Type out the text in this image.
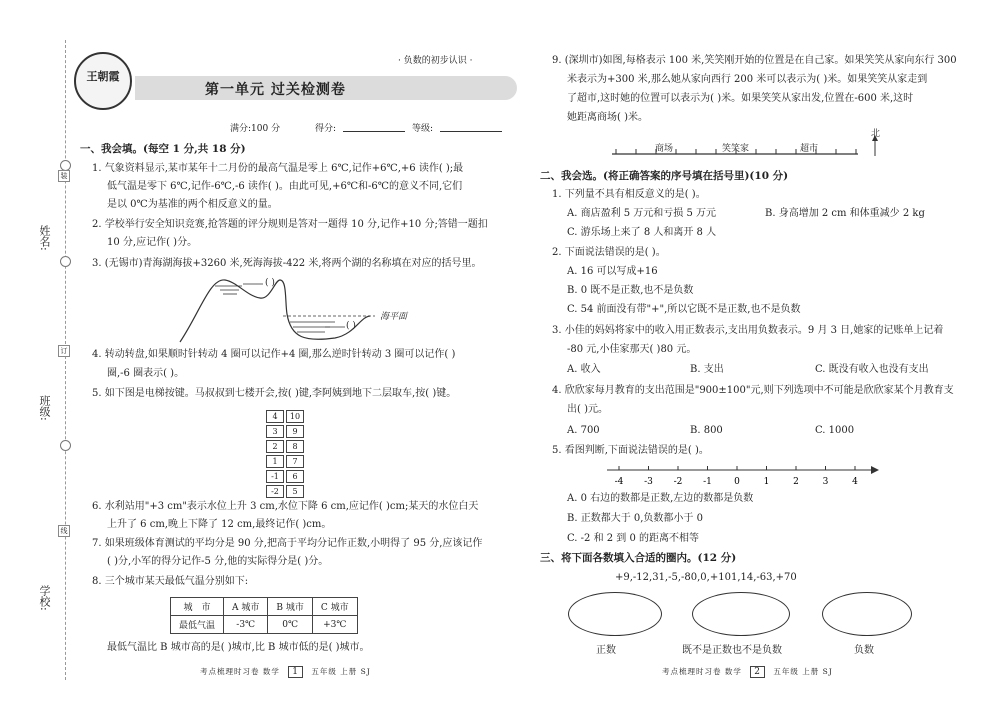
装
订
线
姓名:
班级:
学校:
王朝霞
· 负数的初步认识 ·
第一单元 过关检测卷
满分:100 分	得分:	等级:
一、我会填。(每空 1 分,共 18 分)
1. 气象资料显示,某市某年十二月份的最高气温是零上 6℃,记作+6℃,+6 读作( );最
低气温是零下 6℃,记作-6℃,-6 读作( )。由此可见,+6℃和-6℃的意义不同,它们
是以 0℃为基准的两个相反意义的量。
2. 学校举行安全知识竞赛,抢答题的评分规则是答对一题得 10 分,记作+10 分;答错一题扣
10 分,应记作( )分。
3. (无锡市)青海湖海拔+3260 米,死海海拔-422 米,将两个湖的名称填在对应的括号里。
( )
( )
海平面
4. 转动转盘,如果顺时针转动 4 圈可以记作+4 圈,那么逆时针转动 3 圈可以记作( )
圈,-6 圈表示( )。
5. 如下图是电梯按键。马叔叔到七楼开会,按( )键,李阿姨到地下二层取车,按( )键。
4	10
3	9
2	8
1	7
-1	6
-2	5
6. 水利站用"+3 cm"表示水位上升 3 cm,水位下降 6 cm,应记作( )cm;某天的水位白天
上升了 6 cm,晚上下降了 12 cm,最终记作( )cm。
7. 如果班级体育测试的平均分是 90 分,把高于平均分记作正数,小明得了 95 分,应该记作
( )分,小军的得分记作-5 分,他的实际得分是( )分。
8. 三个城市某天最低气温分别如下:
城　市	A 城市	B 城市	C 城市
最低气温	-3℃	0℃	+3℃
最低气温比 B 城市高的是( )城市,比 B 城市低的是( )城市。
考点梳理时习卷 数学 1 五年级 上册 SJ
9. (深圳市)如图,每格表示 100 米,笑笑刚开始的位置是在自己家。如果笑笑从家向东行 300
米表示为+300 米,那么她从家向西行 200 米可以表示为( )米。如果笑笑从家走到
了超市,这时她的位置可以表示为( )米。如果笑笑从家出发,位置在-600 米,这时
她距离商场( )米。
商场	笑笑家	超市
北
二、我会选。(将正确答案的序号填在括号里)(10 分)
1. 下列量不具有相反意义的是( )。
A. 商店盈利 5 万元和亏损 5 万元	B. 身高增加 2 cm 和体重减少 2 kg
C. 游乐场上来了 8 人和离开 8 人
2. 下面说法错误的是( )。
A. 16 可以写成+16
B. 0 既不是正数,也不是负数
C. 54 前面没有带"+",所以它既不是正数,也不是负数
3. 小佳的妈妈将家中的收入用正数表示,支出用负数表示。9 月 3 日,她家的记账单上记着
-80 元,小佳家那天( )80 元。
A. 收入	B. 支出	C. 既没有收入也没有支出
4. 欣欣家每月教育的支出范围是"900±100"元,则下列选项中不可能是欣欣家某个月教育支
出( )元。
A. 700	B. 800	C. 1000
5. 看图判断,下面说法错误的是( )。
-4 -3 -2 -1 0	1	2	3	4
A. 0 右边的数都是正数,左边的数都是负数
B. 正数都大于 0,负数都小于 0
C. -2 和 2 到 0 的距离不相等
三、将下面各数填入合适的圈内。(12 分)
+9,-12,31,-5,-80,0,+101,14,-63,+70
正数	既不是正数也不是负数	负数
考点梳理时习卷 数学 2 五年级 上册 SJ
